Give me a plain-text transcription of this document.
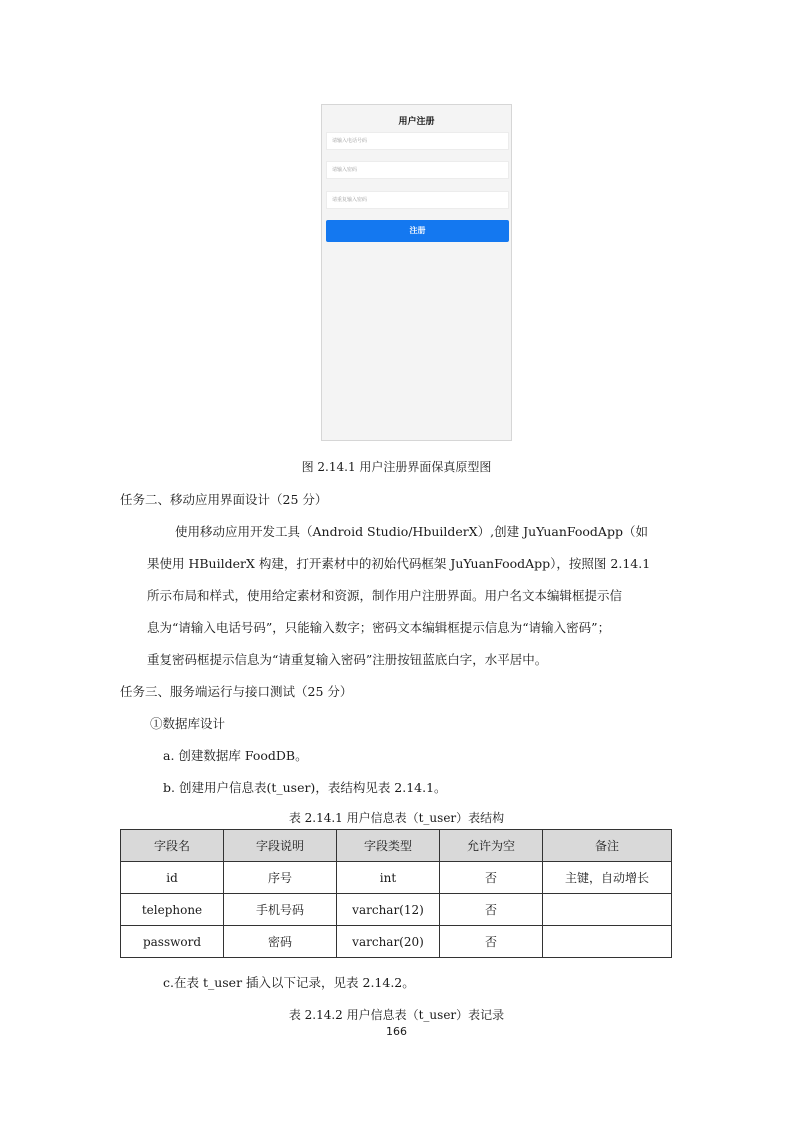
用户注册
请输入电话号码
请输入密码
请重复输入密码
注册
图 2.14.1 用户注册界面保真原型图
任务二、移动应用界面设计（25 分）
使用移动应用开发工具（Android Studio/HbuilderX）,创建 JuYuanFoodApp（如
果使用 HBuilderX 构建，打开素材中的初始代码框架 JuYuanFoodApp），按照图 2.14.1
所示布局和样式，使用给定素材和资源，制作用户注册界面。用户名文本编辑框提示信
息为“请输入电话号码”，只能输入数字；密码文本编辑框提示信息为“请输入密码”；
重复密码框提示信息为“请重复输入密码”注册按钮蓝底白字，水平居中。
任务三、服务端运行与接口测试（25 分）
①数据库设计
a. 创建数据库 FoodDB。
b. 创建用户信息表(t_user)，表结构见表 2.14.1。
表 2.14.1 用户信息表（t_user）表结构
字段名	字段说明	字段类型	允许为空	备注
id	序号	int	否	主键，自动增长
telephone	手机号码	varchar(12)	否	
password	密码	varchar(20)	否	
c.在表 t_user 插入以下记录，见表 2.14.2。
表 2.14.2 用户信息表（t_user）表记录
166
